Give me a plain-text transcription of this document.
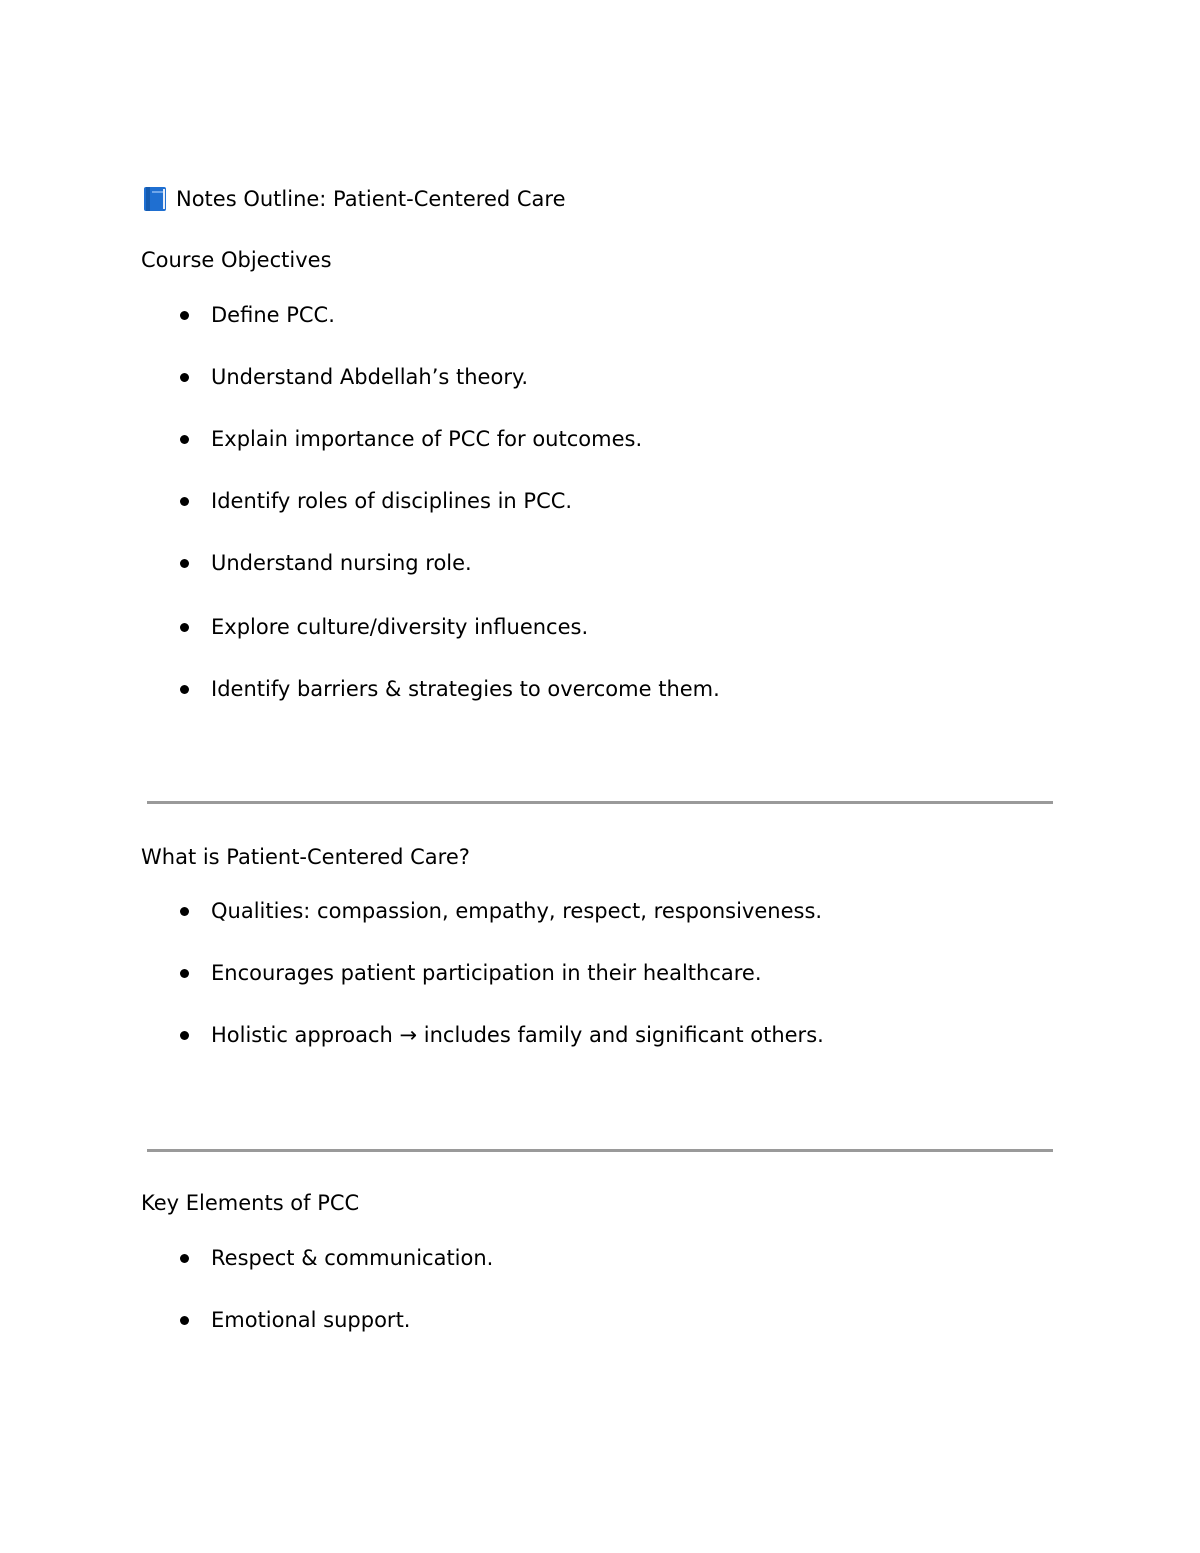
Notes Outline: Patient-Centered Care
Course Objectives
Define PCC.
Understand Abdellah’s theory.
Explain importance of PCC for outcomes.
Identify roles of disciplines in PCC.
Understand nursing role.
Explore culture/diversity influences.
Identify barriers & strategies to overcome them.
What is Patient-Centered Care?
Qualities: compassion, empathy, respect, responsiveness.
Encourages patient participation in their healthcare.
Holistic approach → includes family and significant others.
Key Elements of PCC
Respect & communication.
Emotional support.
